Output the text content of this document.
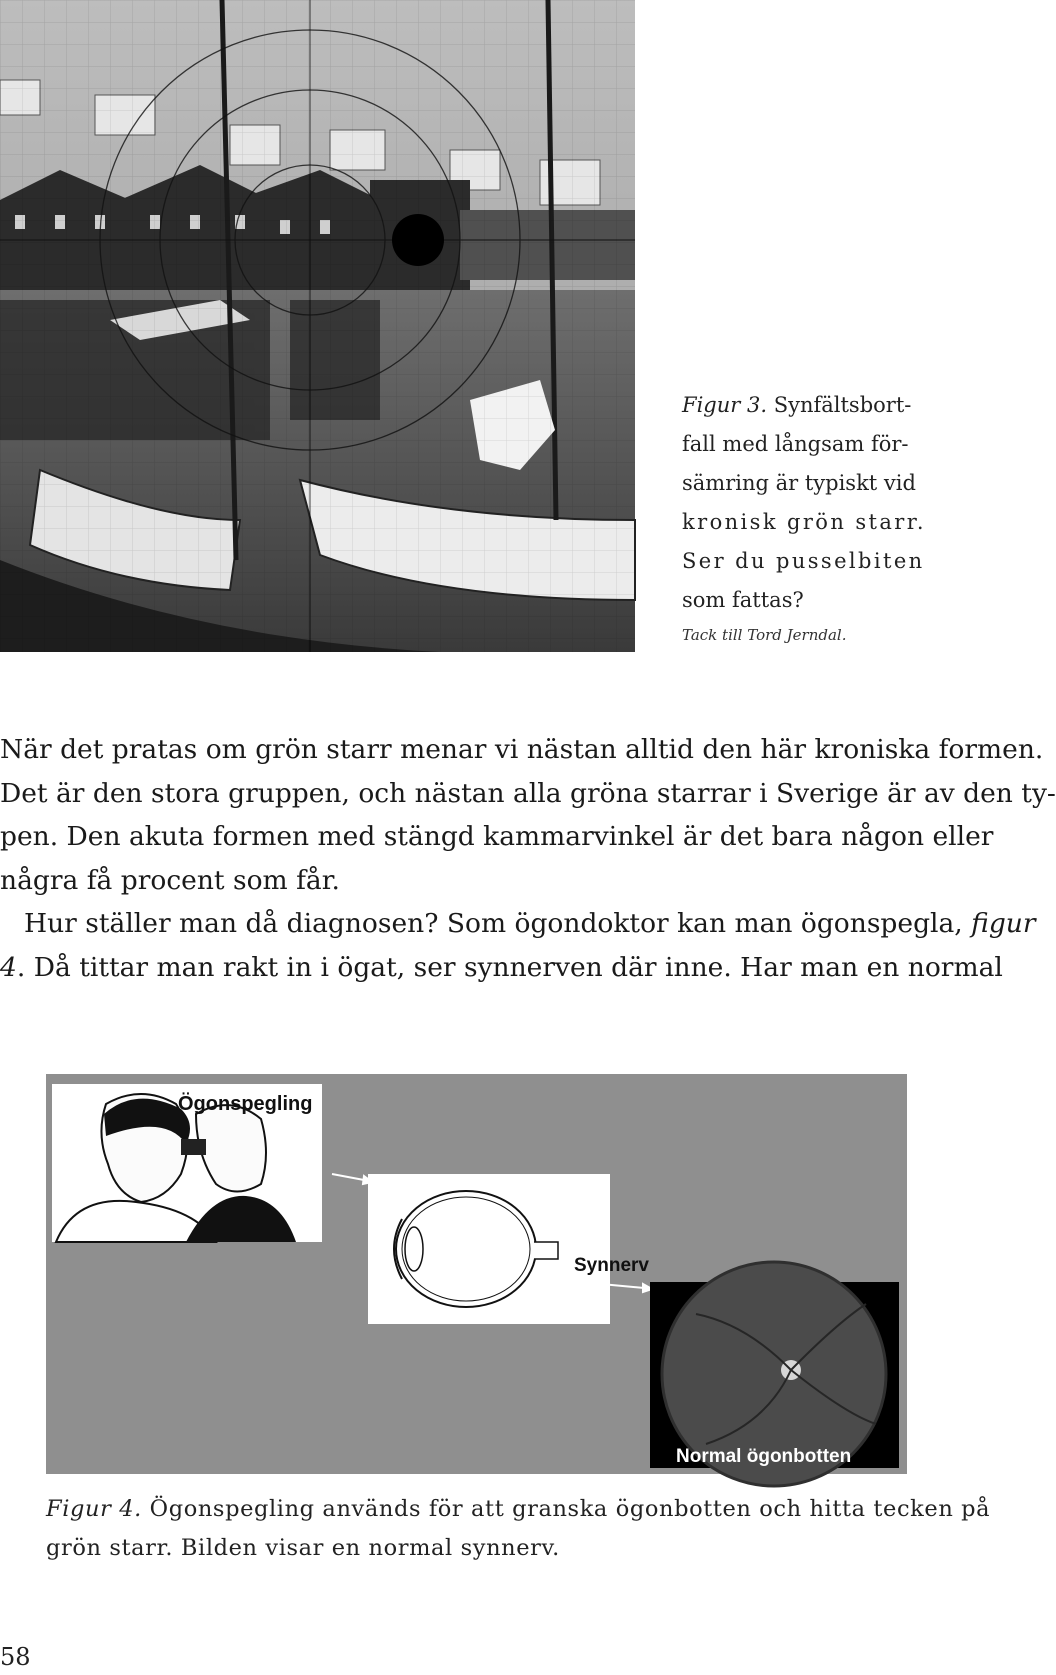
Figur 3. Synfältsbort-
fall med långsam för-
sämring är typiskt vid
kronisk grön starr.
Ser du pusselbiten
som fattas?
Tack till Tord Jerndal.
När det pratas om grön starr menar vi nästan alltid den här kroniska formen.
Det är den stora gruppen, och nästan alla gröna starrar i Sverige är av den ty-
pen. Den akuta formen med stängd kammarvinkel är det bara någon eller
några få procent som får.
Hur ställer man då diagnosen? Som ögondoktor kan man ögonspegla, figur
4. Då tittar man rakt in i ögat, ser synnerven där inne. Har man en normal
Ögonspegling
Synnerv
Normal ögonbotten
Figur 4. Ögonspegling används för att granska ögonbotten och hitta tecken på
grön starr. Bilden visar en normal synnerv.
58
